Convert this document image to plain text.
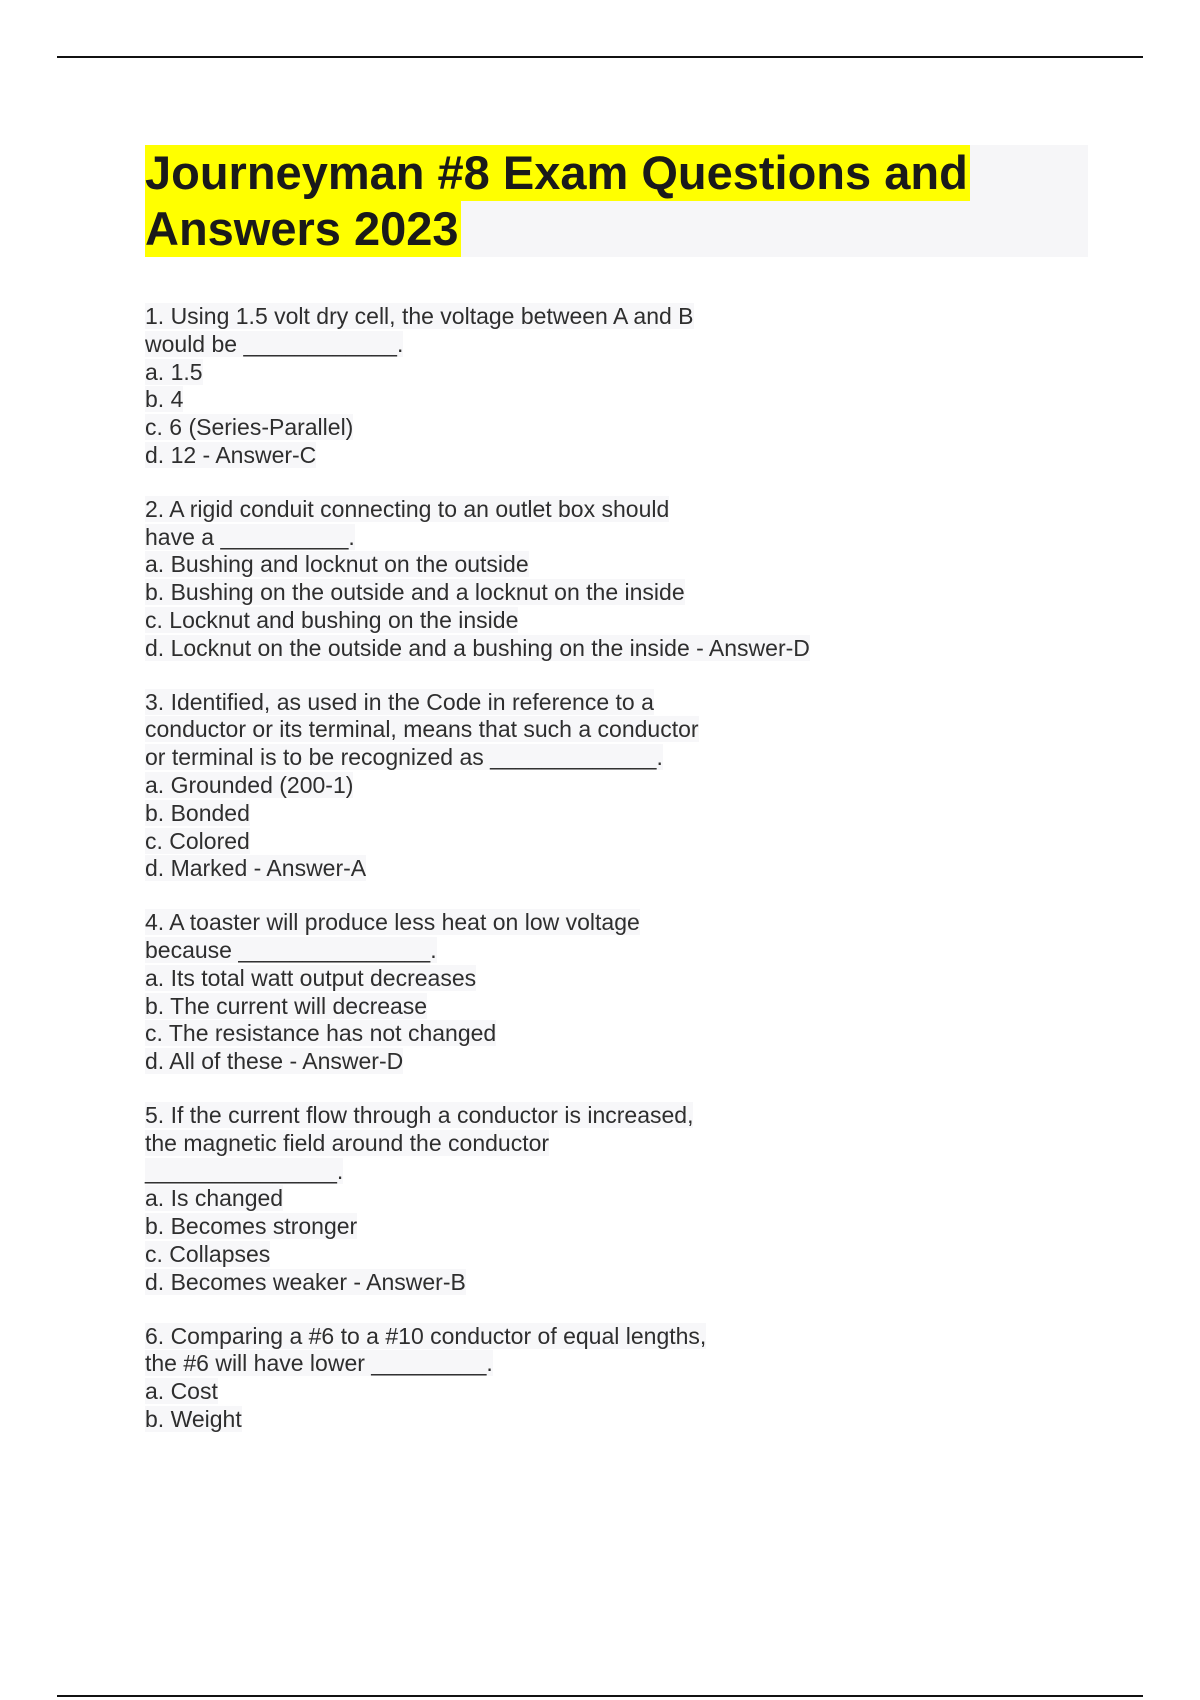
Journeyman #8 Exam Questions and
Answers 2023
1. Using 1.5 volt dry cell, the voltage between A and B
would be ____________.
a. 1.5
b. 4
c. 6 (Series-Parallel)
d. 12 - Answer-C
2. A rigid conduit connecting to an outlet box should
have a __________.
a. Bushing and locknut on the outside
b. Bushing on the outside and a locknut on the inside
c. Locknut and bushing on the inside
d. Locknut on the outside and a bushing on the inside - Answer-D
3. Identified, as used in the Code in reference to a
conductor or its terminal, means that such a conductor
or terminal is to be recognized as _____________.
a. Grounded (200-1)
b. Bonded
c. Colored
d. Marked - Answer-A
4. A toaster will produce less heat on low voltage
because _______________.
a. Its total watt output decreases
b. The current will decrease
c. The resistance has not changed
d. All of these - Answer-D
5. If the current flow through a conductor is increased,
the magnetic field around the conductor
_______________.
a. Is changed
b. Becomes stronger
c. Collapses
d. Becomes weaker - Answer-B
6. Comparing a #6 to a #10 conductor of equal lengths,
the #6 will have lower _________.
a. Cost
b. Weight
